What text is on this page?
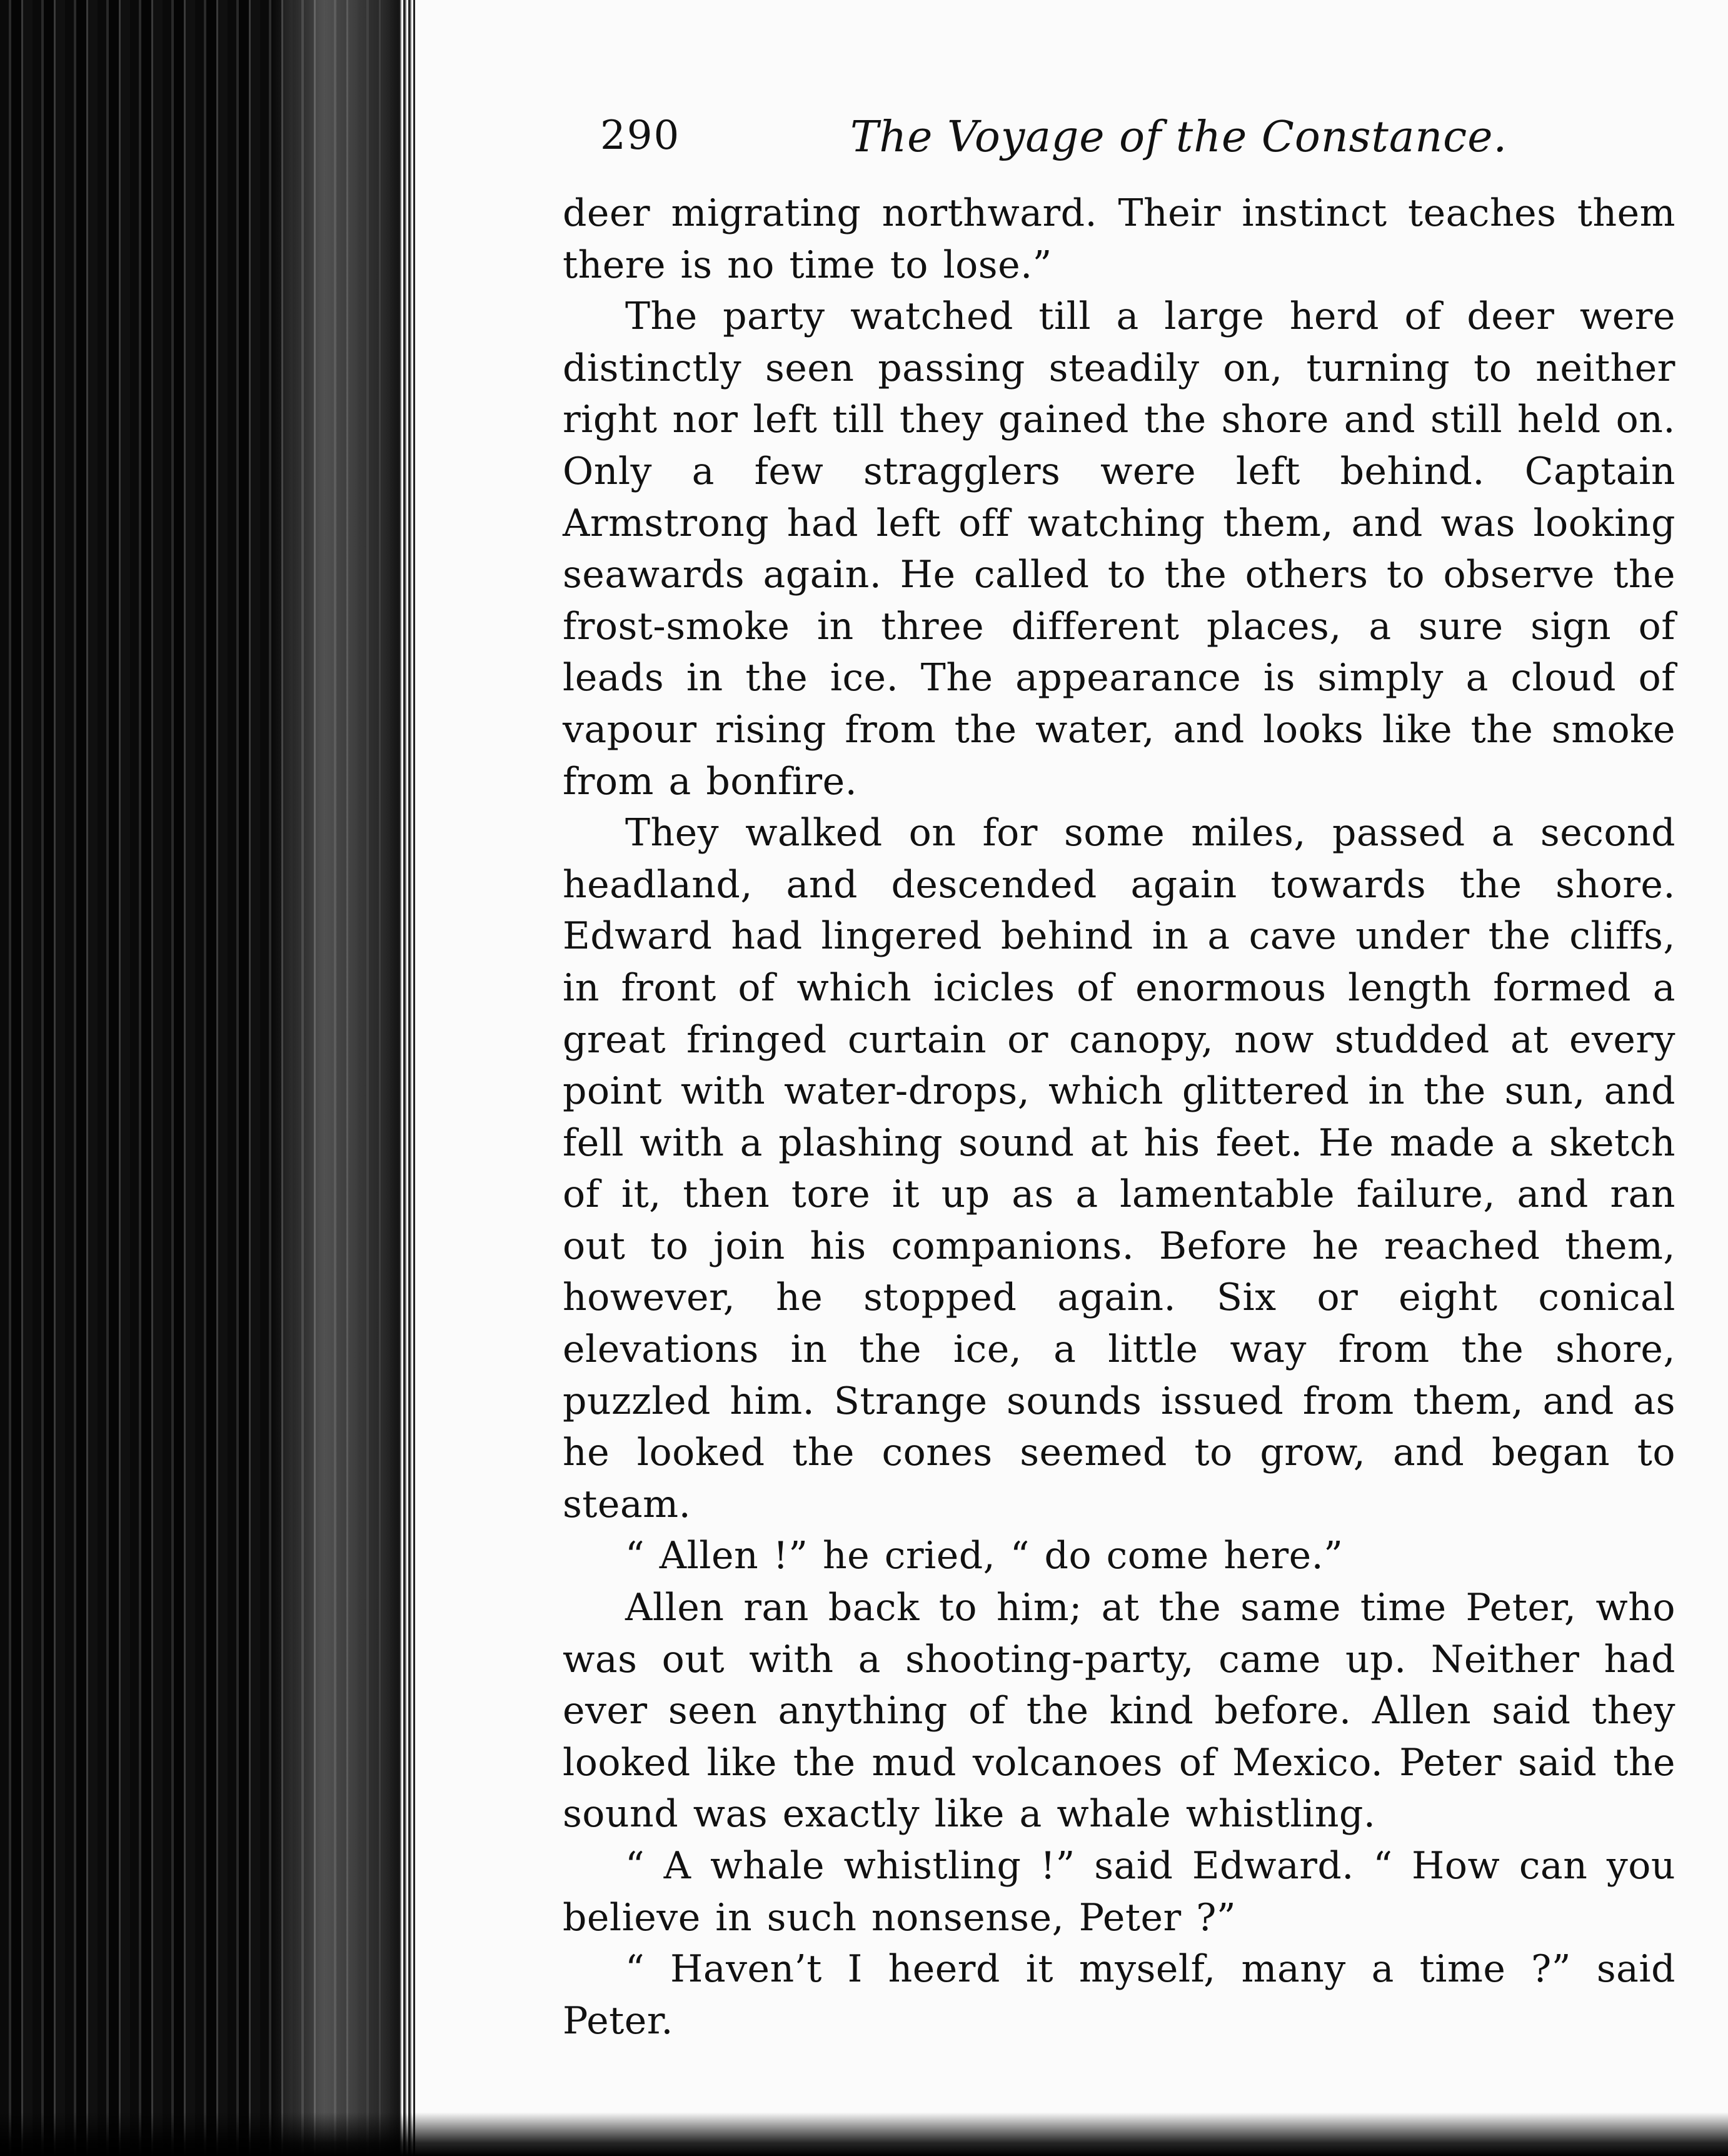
290	The Voyage of the Constance.

deer migrating northward. Their instinct teaches them there is no time to lose.”

The party watched till a large herd of deer were distinctly seen passing steadily on, turning to neither right nor left till they gained the shore and still held on. Only a few stragglers were left behind. Captain Armstrong had left off watching them, and was looking seawards again. He called to the others to observe the frost-smoke in three different places, a sure sign of leads in the ice. The appearance is simply a cloud of vapour rising from the water, and looks like the smoke from a bonfire.

They walked on for some miles, passed a second headland, and descended again towards the shore. Edward had lingered behind in a cave under the cliffs, in front of which icicles of enormous length formed a great fringed curtain or canopy, now studded at every point with water-drops, which glittered in the sun, and fell with a plashing sound at his feet. He made a sketch of it, then tore it up as a lamentable failure, and ran out to join his companions. Before he reached them, however, he stopped again. Six or eight conical elevations in the ice, a little way from the shore, puzzled him. Strange sounds issued from them, and as he looked the cones seemed to grow, and began to steam.

“ Allen !” he cried, “ do come here.”

Allen ran back to him; at the same time Peter, who was out with a shooting-party, came up. Neither had ever seen anything of the kind before. Allen said they looked like the mud volcanoes of Mexico. Peter said the sound was exactly like a whale whistling.

“ A whale whistling !” said Edward. “ How can you believe in such nonsense, Peter ?”

“ Haven’t I heerd it myself, many a time ?” said Peter.
